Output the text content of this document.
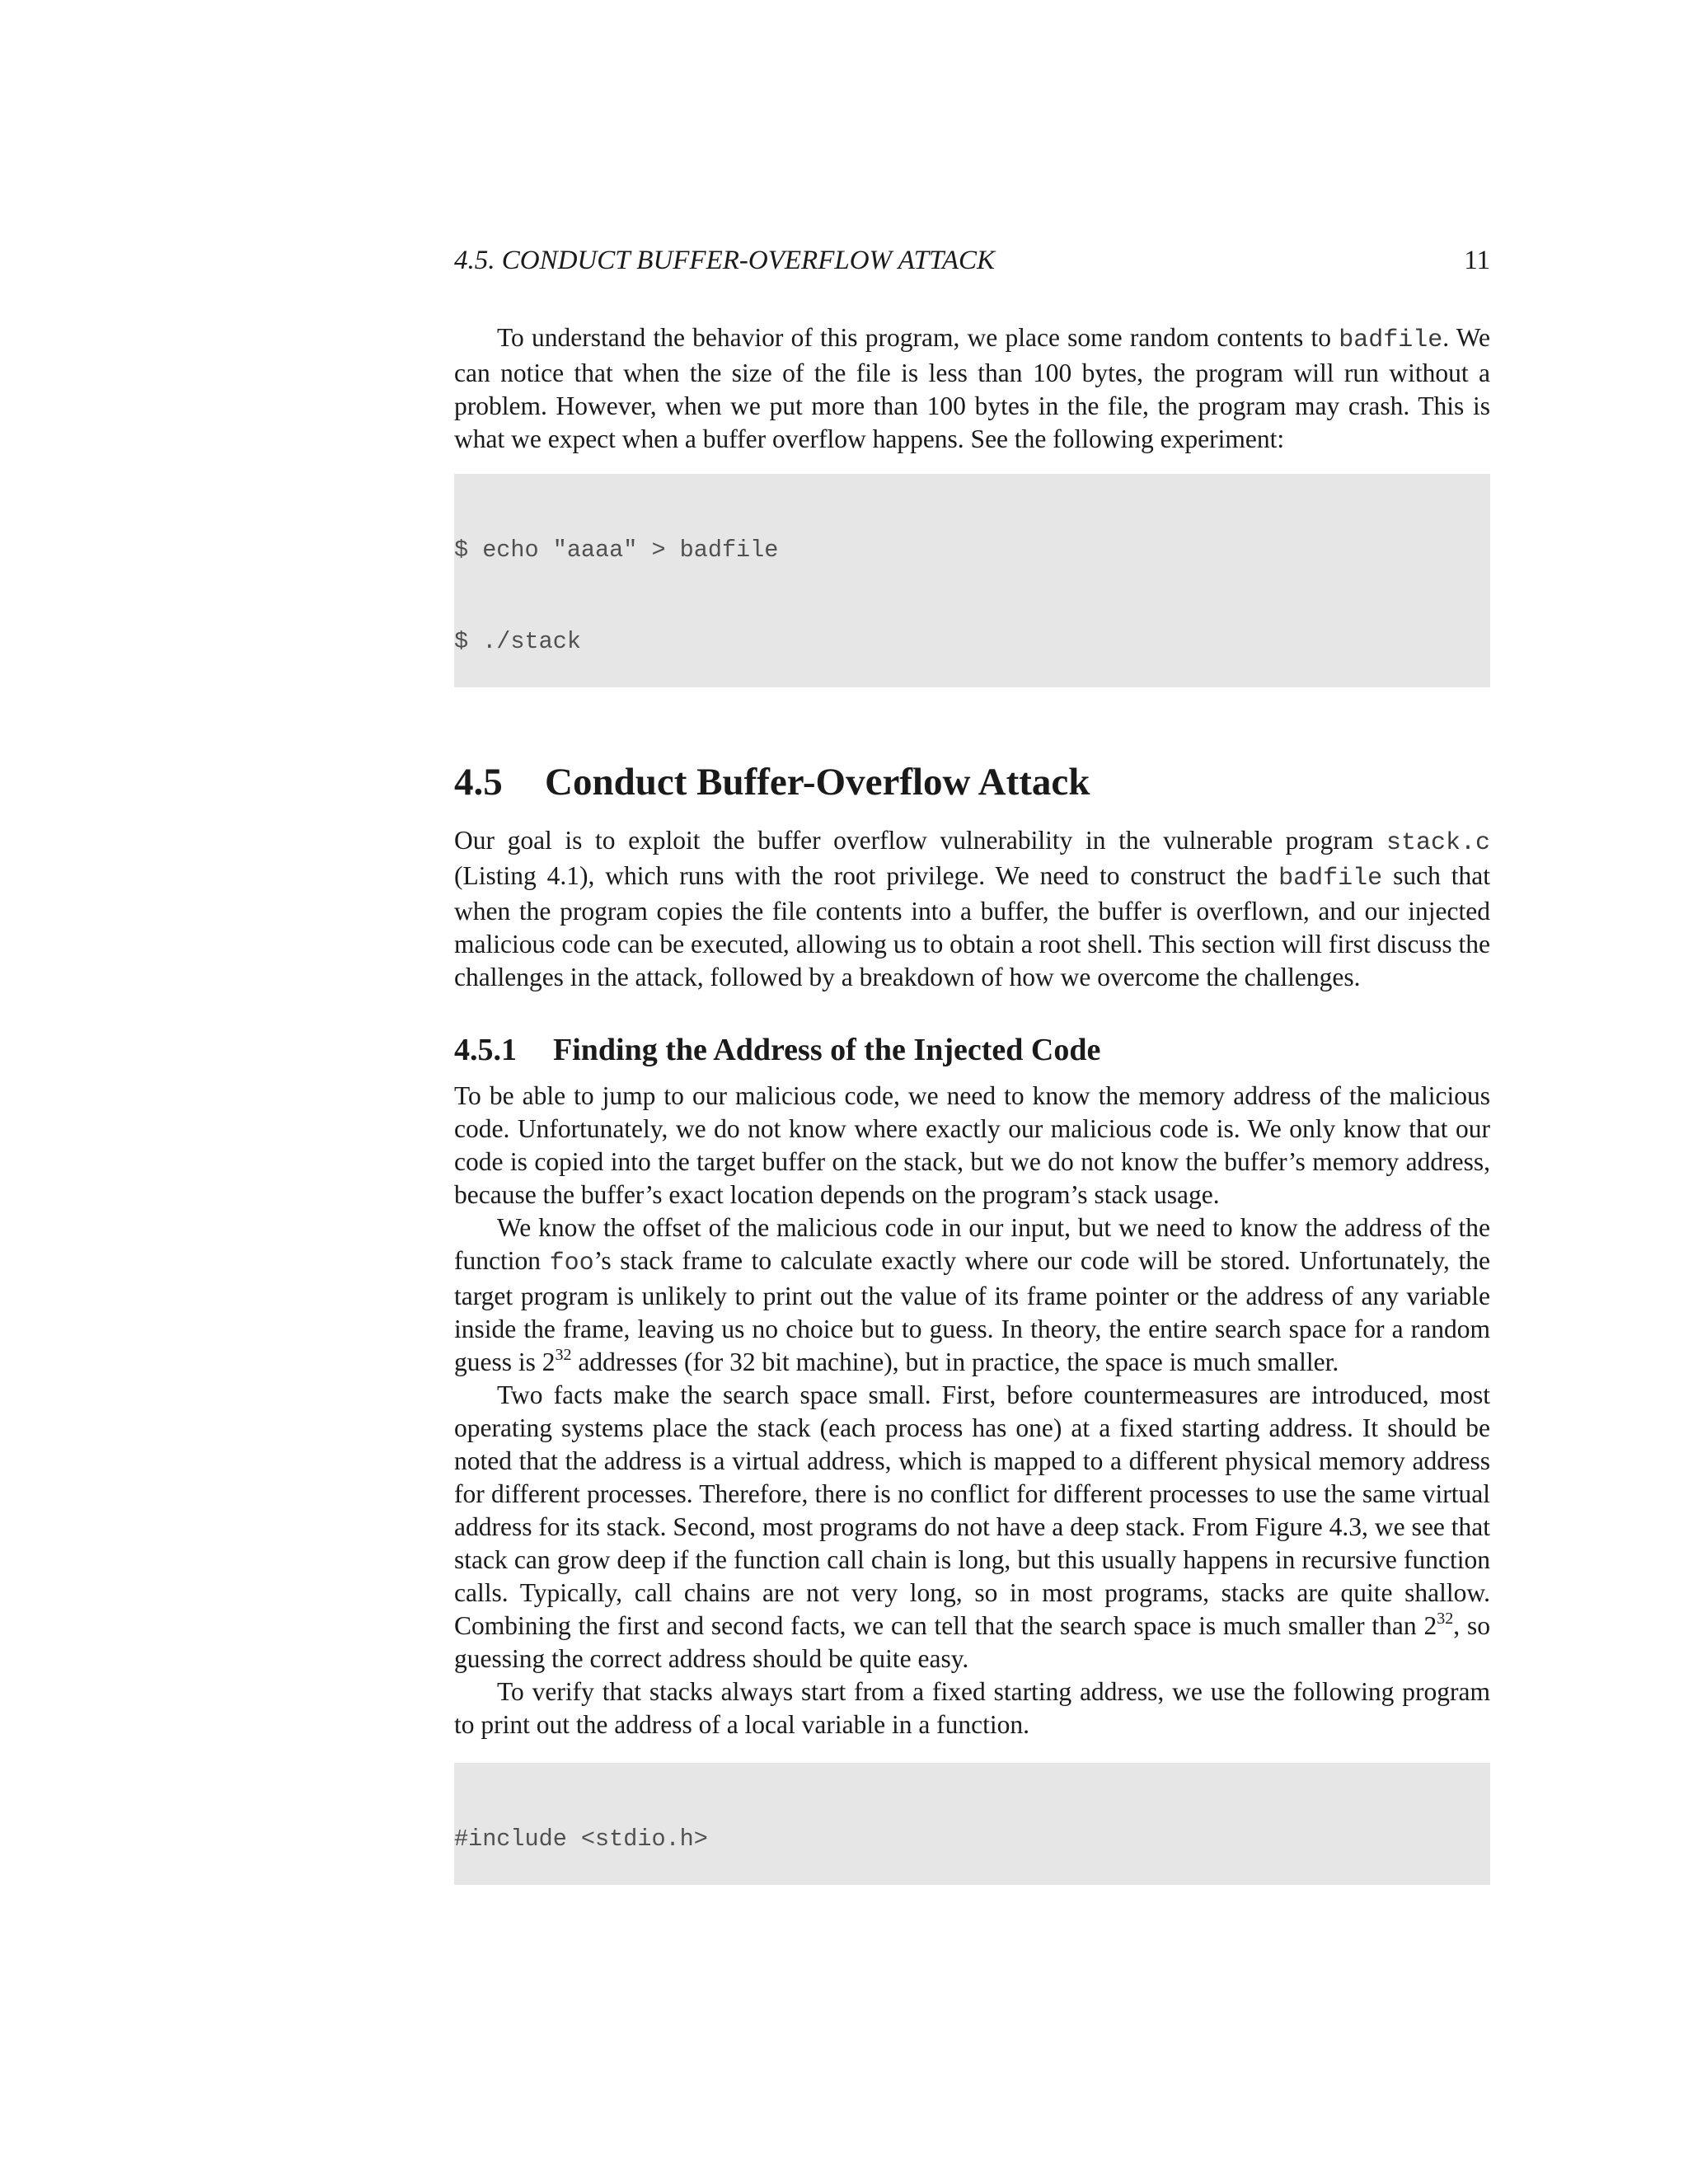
4.5. CONDUCT BUFFER-OVERFLOW ATTACK	11

To understand the behavior of this program, we place some random contents to badfile. We can notice that when the size of the file is less than 100 bytes, the program will run without a problem. However, when we put more than 100 bytes in the file, the program may crash. This is what we expect when a buffer overflow happens. See the following experiment:

$ echo "aaaa" > badfile

$ ./stack

4.5	Conduct Buffer-Overflow Attack

Our goal is to exploit the buffer overflow vulnerability in the vulnerable program stack.c (Listing 4.1), which runs with the root privilege. We need to construct the badfile such that when the program copies the file contents into a buffer, the buffer is overflown, and our injected malicious code can be executed, allowing us to obtain a root shell. This section will first discuss the challenges in the attack, followed by a breakdown of how we overcome the challenges.

4.5.1	Finding the Address of the Injected Code

To be able to jump to our malicious code, we need to know the memory address of the malicious code. Unfortunately, we do not know where exactly our malicious code is. We only know that our code is copied into the target buffer on the stack, but we do not know the buffer’s memory address, because the buffer’s exact location depends on the program’s stack usage.

We know the offset of the malicious code in our input, but we need to know the address of the function foo’s stack frame to calculate exactly where our code will be stored. Unfortunately, the target program is unlikely to print out the value of its frame pointer or the address of any variable inside the frame, leaving us no choice but to guess. In theory, the entire search space for a random guess is $2^{32}$ addresses (for 32 bit machine), but in practice, the space is much smaller.

Two facts make the search space small. First, before countermeasures are introduced, most operating systems place the stack (each process has one) at a fixed starting address. It should be noted that the address is a virtual address, which is mapped to a different physical memory address for different processes. Therefore, there is no conflict for different processes to use the same virtual address for its stack. Second, most programs do not have a deep stack. From Figure 4.3, we see that stack can grow deep if the function call chain is long, but this usually happens in recursive function calls. Typically, call chains are not very long, so in most programs, stacks are quite shallow. Combining the first and second facts, we can tell that the search space is much smaller than $2^{32}$, so guessing the correct address should be quite easy.

To verify that stacks always start from a fixed starting address, we use the following program to print out the address of a local variable in a function.

#include <stdio.h>
